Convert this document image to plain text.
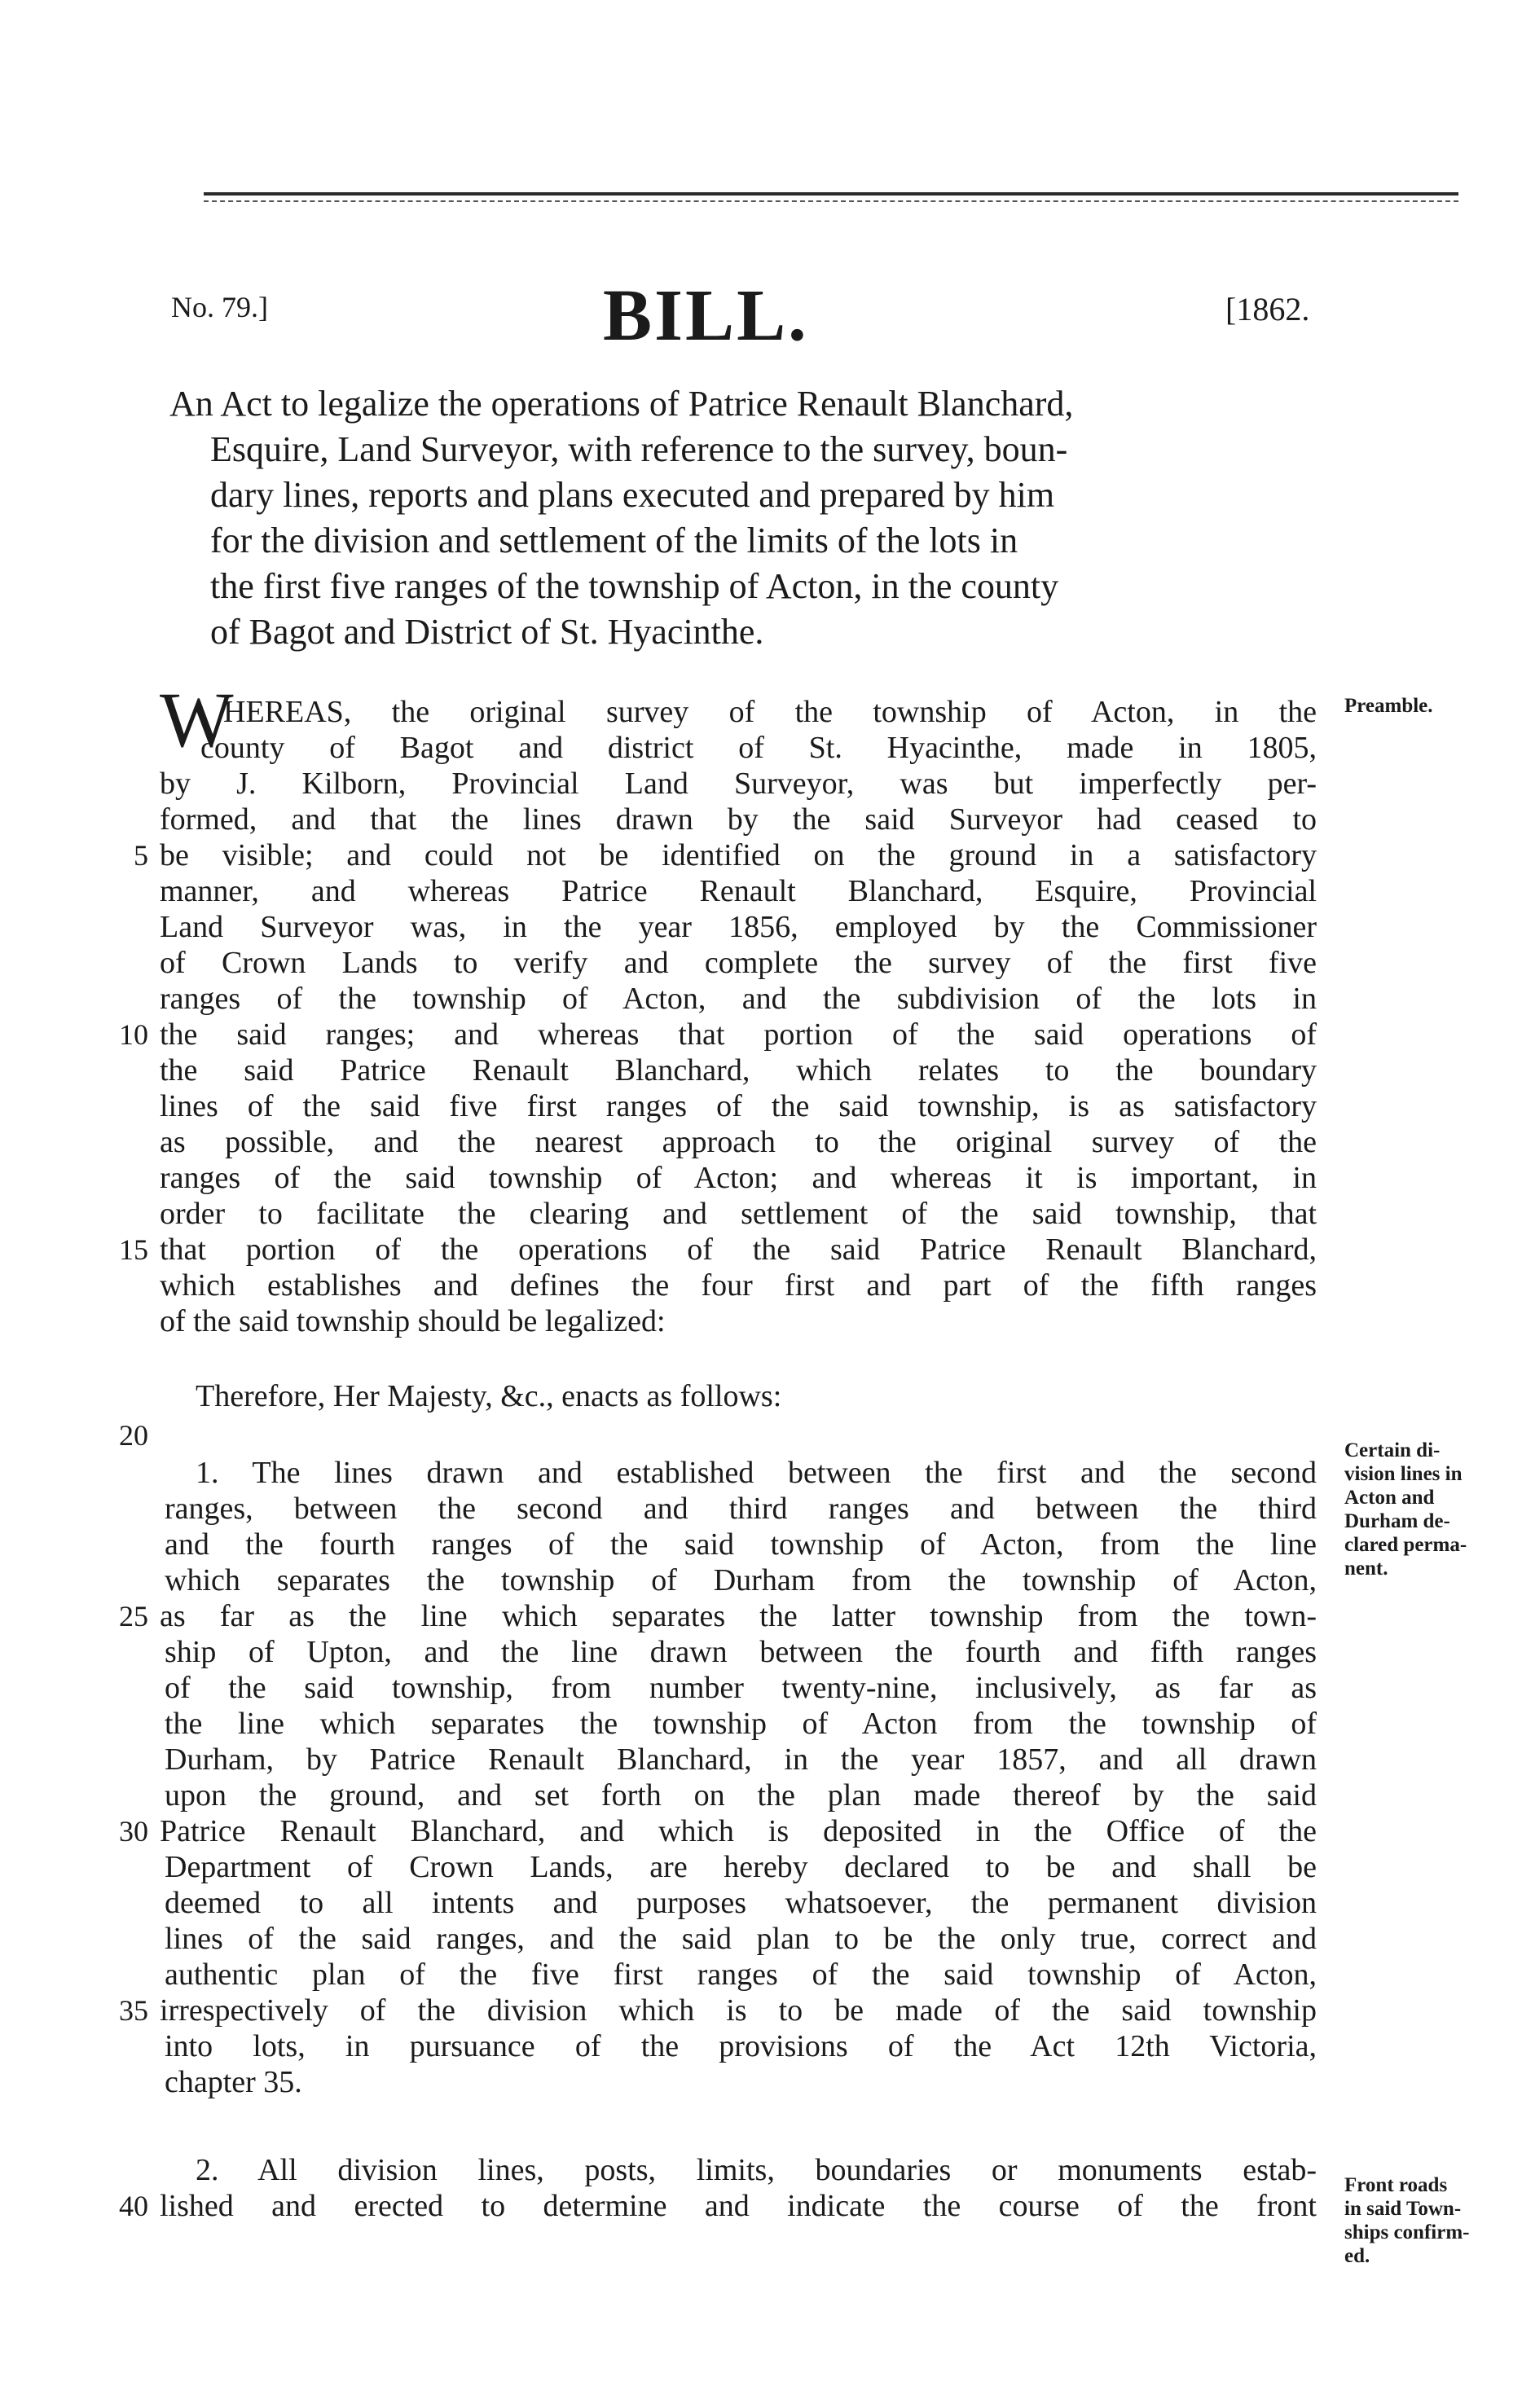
No. 79.]	BILL.	[1862.
An Act to legalize the operations of Patrice Renault Blanchard,
Esquire, Land Surveyor, with reference to the survey, boun-
dary lines, reports and plans executed and prepared by him
for the division and settlement of the limits of the lots in
the first five ranges of the township of Acton, in the county
of Bagot and District of St. Hyacinthe.
W
HEREAS, the original survey of the township of Acton, in the
county of Bagot and district of St. Hyacinthe, made in 1805,
by J. Kilborn, Provincial Land Surveyor, was but imperfectly per-
formed, and that the lines drawn by the said Surveyor had ceased to
5 be visible; and could not be identified on the ground in a satisfactory
manner, and whereas Patrice Renault Blanchard, Esquire, Provincial
Land Surveyor was, in the year 1856, employed by the Commissioner
of Crown Lands to verify and complete the survey of the first five
ranges of the township of Acton, and the subdivision of the lots in
10 the said ranges; and whereas that portion of the said operations of
the said Patrice Renault Blanchard, which relates to the boundary
lines of the said five first ranges of the said township, is as satisfactory
as possible, and the nearest approach to the original survey of the
ranges of the said township of Acton; and whereas it is important, in
order to facilitate the clearing and settlement of the said township, that
15 that portion of the operations of the said Patrice Renault Blanchard,
which establishes and defines the four first and part of the fifth ranges
of the said township should be legalized:
Therefore, Her Majesty, &c., enacts as follows:
20
1. The lines drawn and established between the first and the second
ranges, between the second and third ranges and between the third
and the fourth ranges of the said township of Acton, from the line
which separates the township of Durham from the township of Acton,
25 as far as the line which separates the latter township from the town-
ship of Upton, and the line drawn between the fourth and fifth ranges
of the said township, from number twenty-nine, inclusively, as far as
the line which separates the township of Acton from the township of
Durham, by Patrice Renault Blanchard, in the year 1857, and all drawn
upon the ground, and set forth on the plan made thereof by the said
30 Patrice Renault Blanchard, and which is deposited in the Office of the
Department of Crown Lands, are hereby declared to be and shall be
deemed to all intents and purposes whatsoever, the permanent division
lines of the said ranges, and the said plan to be the only true, correct and
authentic plan of the five first ranges of the said township of Acton,
35 irrespectively of the division which is to be made of the said township
into lots, in pursuance of the provisions of the Act 12th Victoria,
chapter 35.
2. All division lines, posts, limits, boundaries or monuments estab-
40 lished and erected to determine and indicate the course of the front
Preamble.
Certain di-
vision lines in
Acton and
Durham de-
clared perma-
nent.
Front roads
in said Town-
ships confirm-
ed.
